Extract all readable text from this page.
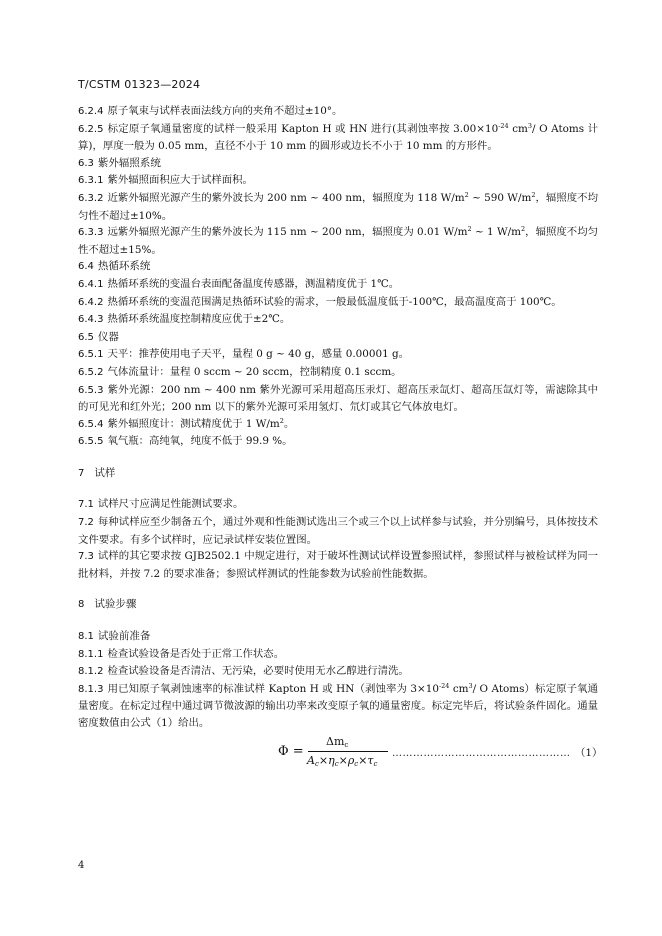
T/CSTM 01323—2024

6.2.4 原子氧束与试样表面法线方向的夹角不超过±10°。

6.2.5 标定原子氧通量密度的试样一般采用 Kapton H 或 HN 进行(其剥蚀率按 $3.00\times 10^{-24}$ $cm^3/$ O Atoms 计算)，厚度一般为 0.05 mm，直径不小于 10 mm 的圆形或边长不小于 10 mm 的方形件。

6.3 紫外辐照系统

6.3.1 紫外辐照面积应大于试样面积。

6.3.2 近紫外辐照光源产生的紫外波长为 200 nm ~ 400 nm，辐照度为 118 $W/m^2$ ~ 590 $W/m^2$，辐照度不均匀性不超过±10%。

6.3.3 远紫外辐照光源产生的紫外波长为 115 nm ~ 200 nm，辐照度为 0.01 $W/m^2$ ~ 1 $W/m^2$，辐照度不均匀性不超过±15%。

6.4 热循环系统

6.4.1 热循环系统的变温台表面配备温度传感器，测温精度优于 1℃。

6.4.2 热循环系统的变温范围满足热循环试验的需求，一般最低温度低于-100℃，最高温度高于 100℃。

6.4.3 热循环系统温度控制精度应优于±2℃。

6.5 仪器

6.5.1 天平：推荐使用电子天平，量程 0 g ~ 40 g，感量 0.00001 g。

6.5.2 气体流量计：量程 0 sccm ~ 20 sccm，控制精度 0.1 sccm。

6.5.3 紫外光源：200 nm ~ 400 nm 紫外光源可采用超高压汞灯、超高压汞氙灯、超高压氙灯等，需滤除其中的可见光和红外光；200 nm 以下的紫外光源可采用氢灯、氘灯或其它气体放电灯。

6.5.4 紫外辐照度计：测试精度优于 1 $W/m^2$。

6.5.5 氧气瓶：高纯氧，纯度不低于 99.9 %。

7 试样

7.1 试样尺寸应满足性能测试要求。

7.2 每种试样应至少制备五个，通过外观和性能测试选出三个或三个以上试样参与试验，并分别编号，具体按技术文件要求。有多个试样时，应记录试样安装位置图。

7.3 试样的其它要求按 GJB2502.1 中规定进行，对于破坏性测试试样设置参照试样，参照试样与被检试样为同一批材料，并按 7.2 的要求准备；参照试样测试的性能参数为试验前性能数据。

8 试验步骤

8.1 试验前准备

8.1.1 检查试验设备是否处于正常工作状态。

8.1.2 检查试验设备是否清洁、无污染，必要时使用无水乙醇进行清洗。

8.1.3 用已知原子氧剥蚀速率的标准试样 Kapton H 或 HN（剥蚀率为 $3\times 10^{-24}$ $cm^3/$ O Atoms）标定原子氧通量密度。在标定过程中通过调节微波源的输出功率来改变原子氧的通量密度。标定完毕后，将试验条件固化。通量密度数值由公式（1）给出。

Φ =
$\Delta m_c$
$A_c\times\eta_c\times\rho_c\times\tau_c$
…………………………………………… （1）
4
